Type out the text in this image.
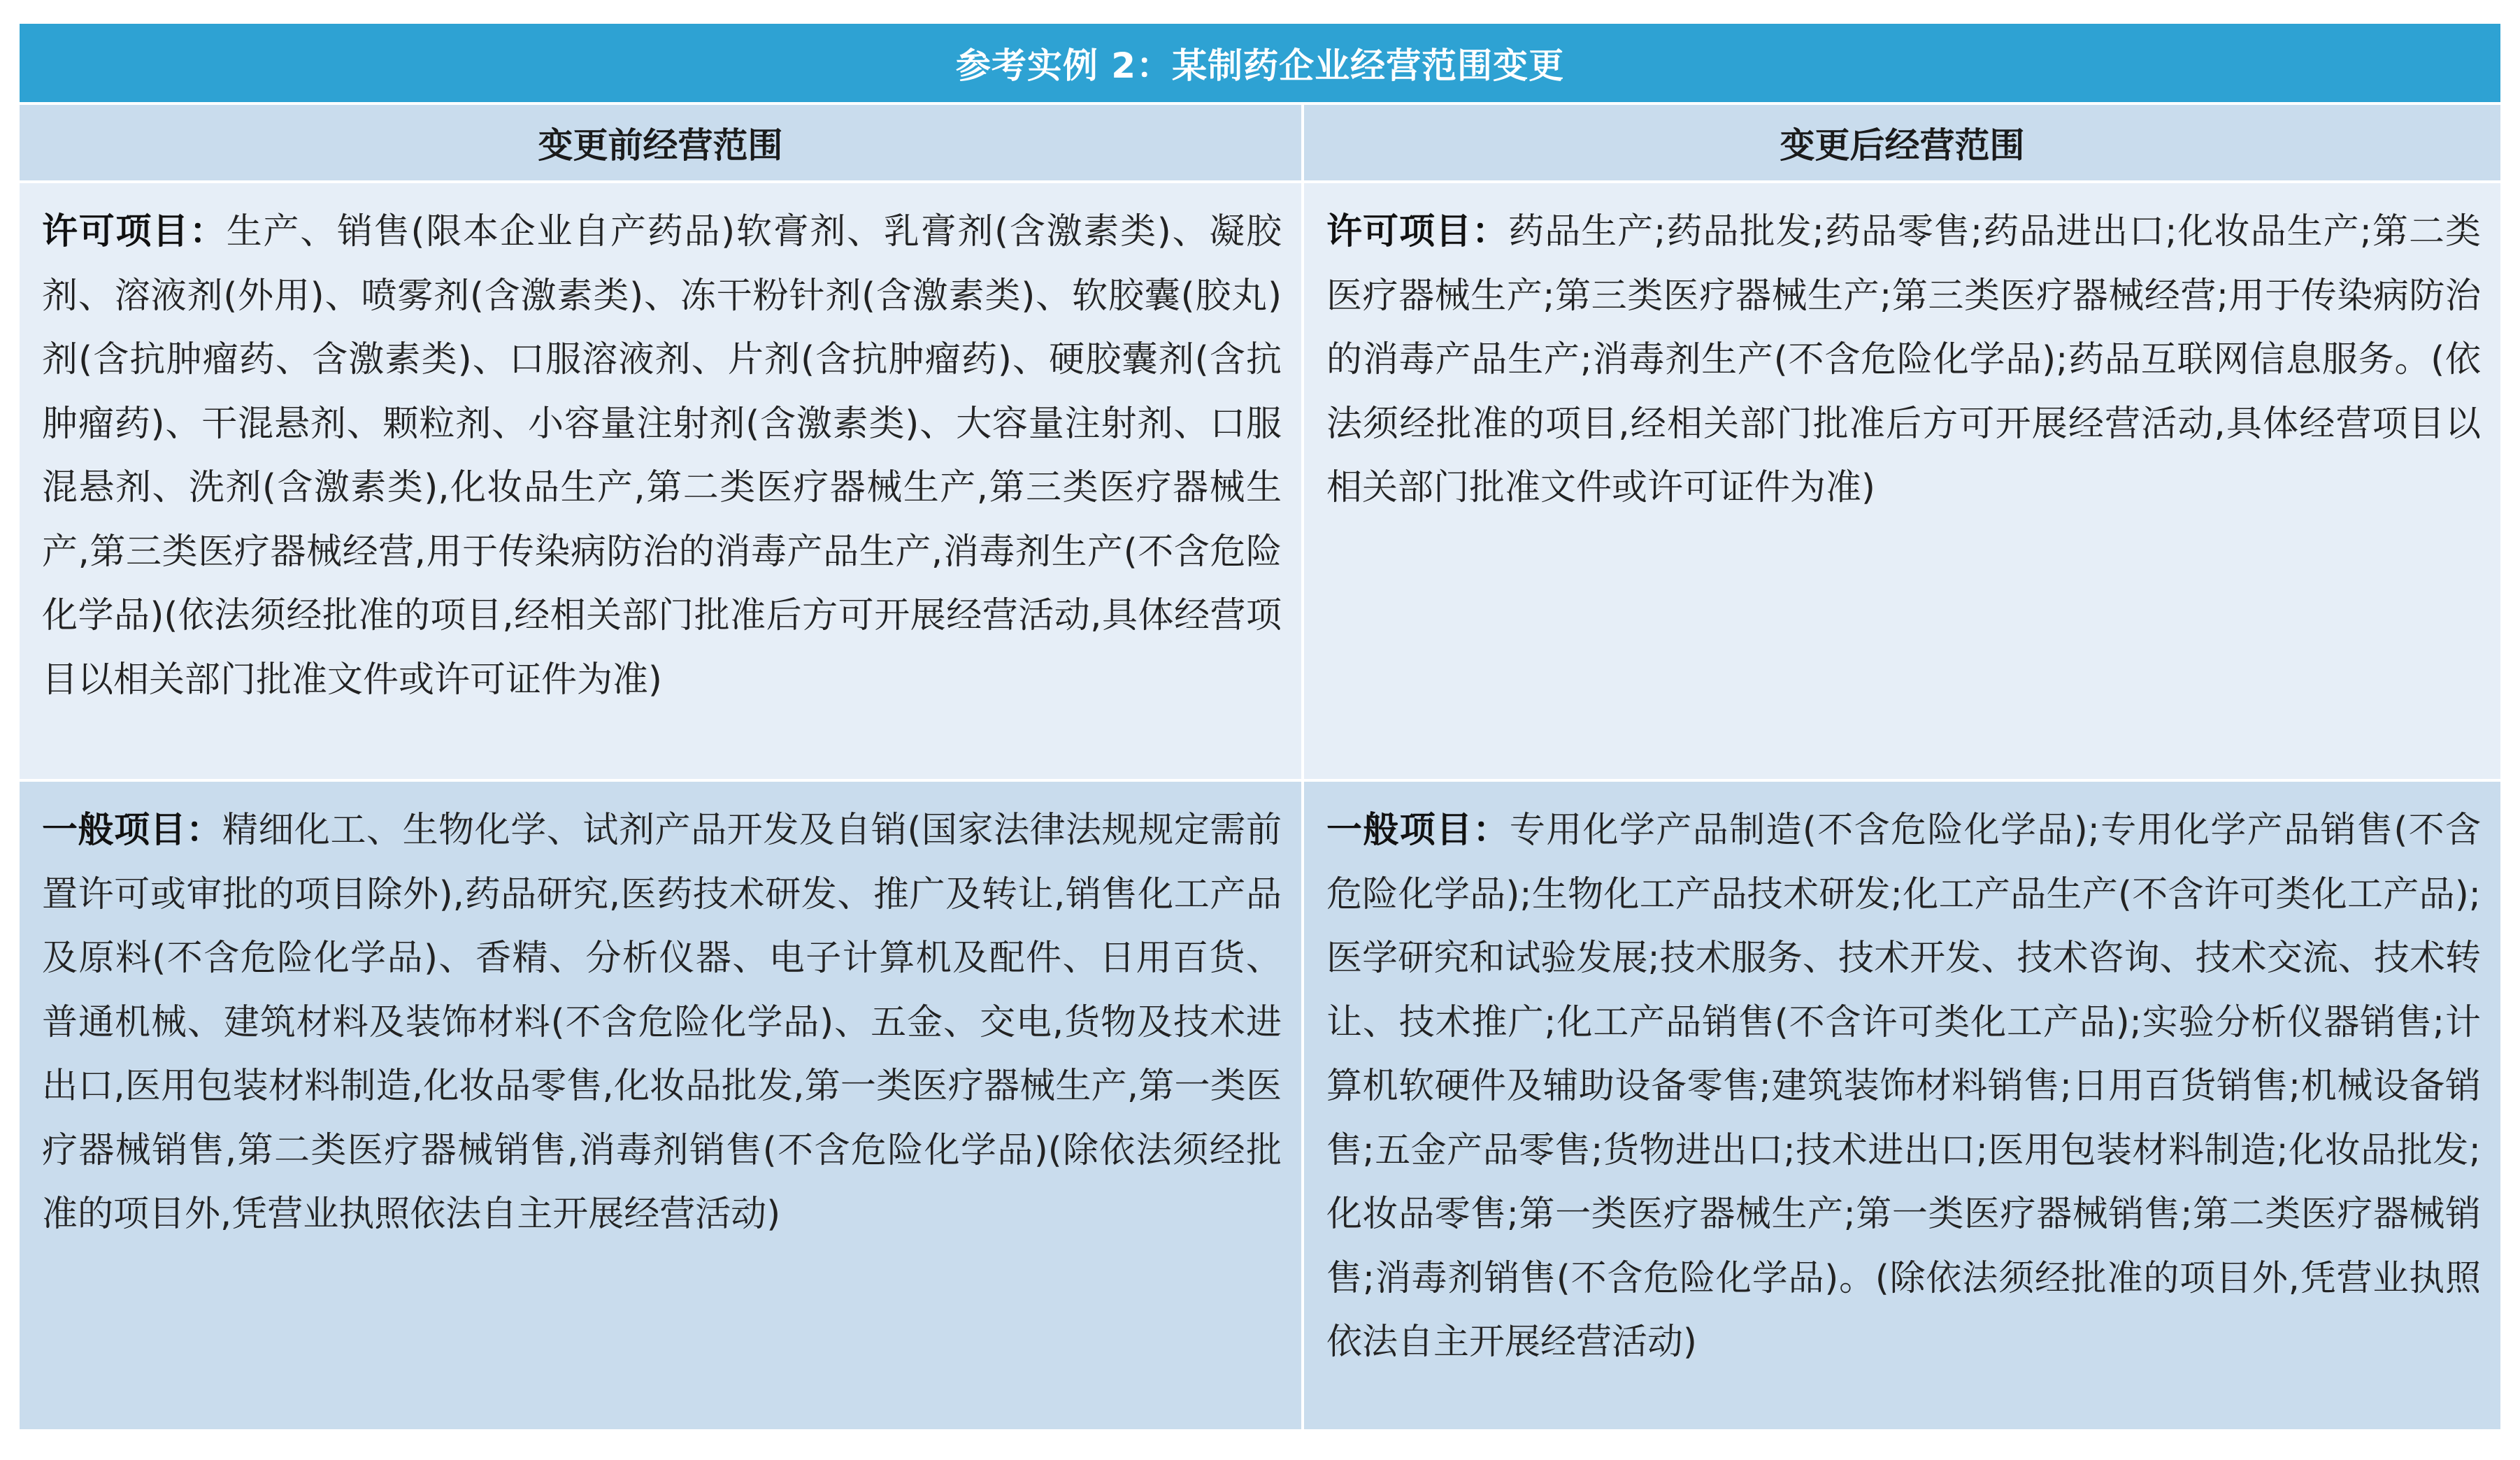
参考实例 2：某制药企业经营范围变更
变更前经营范围	变更后经营范围
许可项目：生产、销售(限本企业自产药品)软膏剂、乳膏剂(含激素类)、凝胶剂、溶液剂(外用)、喷雾剂(含激素类)、冻干粉针剂(含激素类)、软胶囊(胶丸)剂(含抗肿瘤药、含激素类)、口服溶液剂、片剂(含抗肿瘤药)、硬胶囊剂(含抗肿瘤药)、干混悬剂、颗粒剂、小容量注射剂(含激素类)、大容量注射剂、口服混悬剂、洗剂(含激素类),化妆品生产,第二类医疗器械生产,第三类医疗器械生产,第三类医疗器械经营,用于传染病防治的消毒产品生产,消毒剂生产(不含危险化学品)(依法须经批准的项目,经相关部门批准后方可开展经营活动,具体经营项目以相关部门批准文件或许可证件为准)
许可项目：药品生产;药品批发;药品零售;药品进出口;化妆品生产;第二类医疗器械生产;第三类医疗器械生产;第三类医疗器械经营;用于传染病防治的消毒产品生产;消毒剂生产(不含危险化学品);药品互联网信息服务。(依法须经批准的项目,经相关部门批准后方可开展经营活动,具体经营项目以相关部门批准文件或许可证件为准)
一般项目：精细化工、生物化学、试剂产品开发及自销(国家法律法规规定需前置许可或审批的项目除外),药品研究,医药技术研发、推广及转让,销售化工产品及原料(不含危险化学品)、香精、分析仪器、电子计算机及配件、日用百货、普通机械、建筑材料及装饰材料(不含危险化学品)、五金、交电,货物及技术进出口,医用包装材料制造,化妆品零售,化妆品批发,第一类医疗器械生产,第一类医疗器械销售,第二类医疗器械销售,消毒剂销售(不含危险化学品)(除依法须经批准的项目外,凭营业执照依法自主开展经营活动)
一般项目：专用化学产品制造(不含危险化学品);专用化学产品销售(不含危险化学品);生物化工产品技术研发;化工产品生产(不含许可类化工产品);医学研究和试验发展;技术服务、技术开发、技术咨询、技术交流、技术转让、技术推广;化工产品销售(不含许可类化工产品);实验分析仪器销售;计算机软硬件及辅助设备零售;建筑装饰材料销售;日用百货销售;机械设备销售;五金产品零售;货物进出口;技术进出口;医用包装材料制造;化妆品批发;化妆品零售;第一类医疗器械生产;第一类医疗器械销售;第二类医疗器械销售;消毒剂销售(不含危险化学品)。(除依法须经批准的项目外,凭营业执照依法自主开展经营活动)
